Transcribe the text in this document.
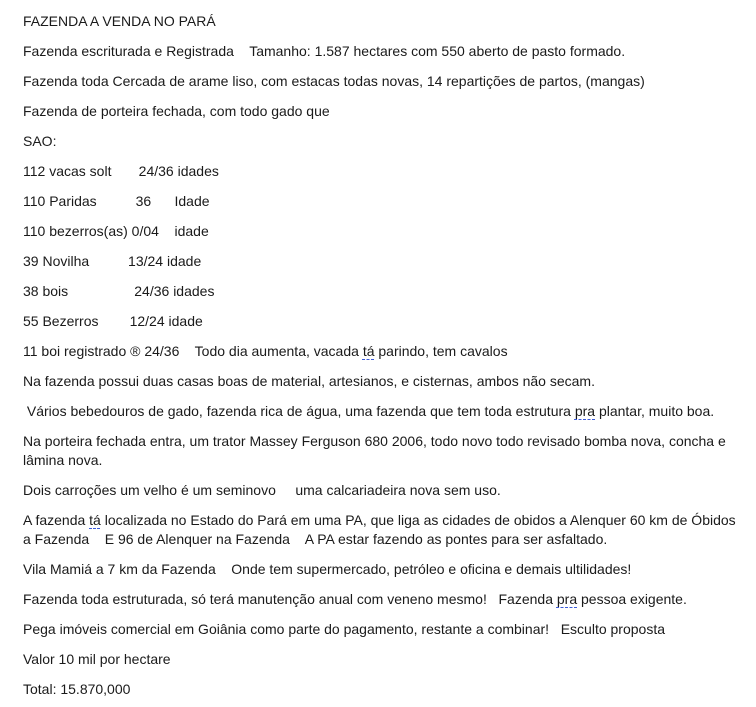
FAZENDA A VENDA NO PARÁ

Fazenda escriturada e Registrada    Tamanho: 1.587 hectares com 550 aberto de pasto formado.

Fazenda toda Cercada de arame liso, com estacas todas novas, 14 repartições de partos, (mangas)

Fazenda de porteira fechada, com todo gado que

SAO:

112 vacas solt       24/36 idades

110 Paridas          36      Idade

110 bezerros(as) 0/04    idade

39 Novilha          13/24 idade

38 bois                 24/36 idades

55 Bezerros        12/24 idade

11 boi registrado ® 24/36    Todo dia aumenta, vacada tá parindo, tem cavalos

Na fazenda possui duas casas boas de material, artesianos, e cisternas, ambos não secam.

Vários bebedouros de gado, fazenda rica de água, uma fazenda que tem toda estrutura pra plantar, muito boa.

Na porteira fechada entra, um trator Massey Ferguson 680 2006, todo novo todo revisado bomba nova, concha e lâmina nova.

Dois carroções um velho é um seminovo     uma calcariadeira nova sem uso.

A fazenda tá localizada no Estado do Pará em uma PA, que liga as cidades de obidos a Alenquer 60 km de Óbidos a Fazenda    E 96 de Alenquer na Fazenda    A PA estar fazendo as pontes para ser asfaltado.

Vila Mamiá a 7 km da Fazenda    Onde tem supermercado, petróleo e oficina e demais ultilidades!

Fazenda toda estruturada, só terá manutenção anual com veneno mesmo!   Fazenda pra pessoa exigente.

Pega imóveis comercial em Goiânia como parte do pagamento, restante a combinar!   Esculto proposta

Valor 10 mil por hectare

Total: 15.870,000
